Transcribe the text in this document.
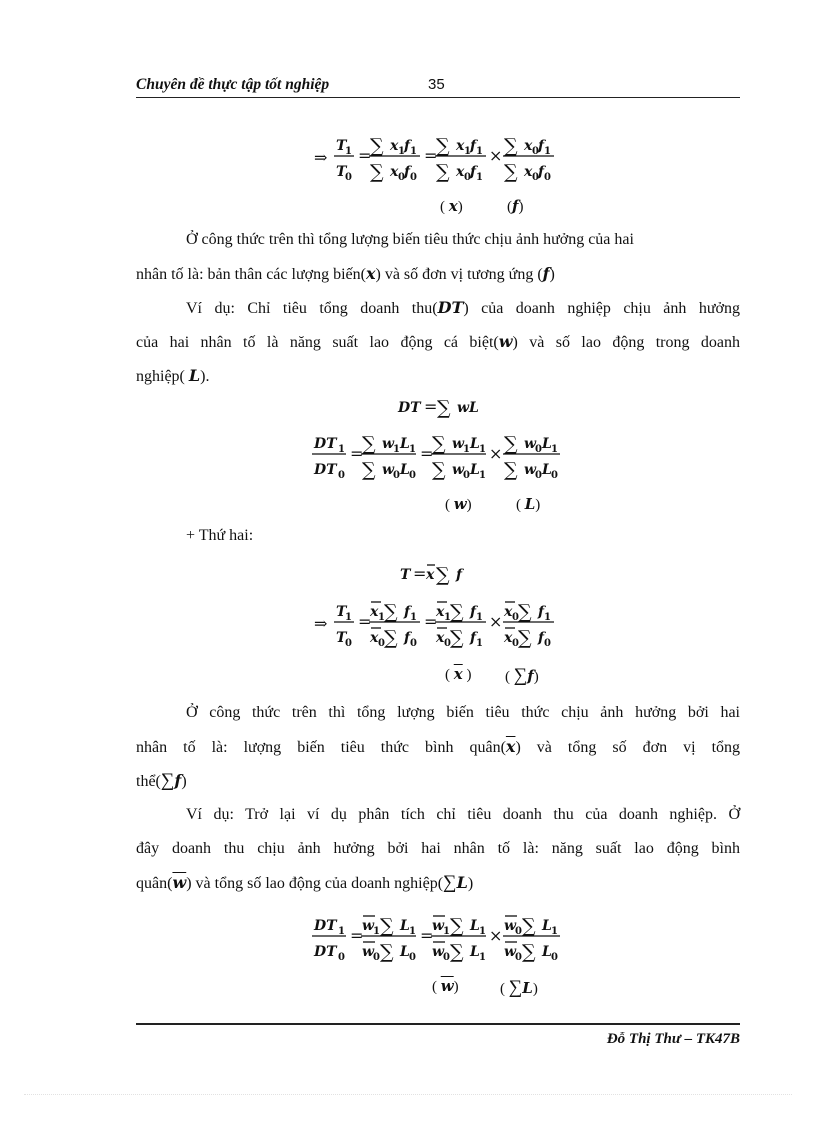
Chuyên đề thực tập tốt nghiệp	35
⇒
T
1
T
0
=
∑ x 1 f 1
∑ x 0 f 0
=
∑ x 1 f 1
∑ x 0 f 1
× ∑ x 0 f 1
∑ x 0 f 0
( x)	(f)
Ở công thức trên thì tổng lượng biến tiêu thức chịu ảnh hưởng của hai
nhân tố là: bản thân các lượng biến(x) và số đơn vị tương ứng (f)
Ví dụ: Chỉ tiêu tổng doanh thu(DT) của doanh nghiệp chịu ảnh hưởng
của hai nhân tố là năng suất lao động cá biệt(w) và số lao động trong doanh
nghiệp( L).
DT = ∑ w L
DT 1
DT 0
=
∑ w
1 L 1
∑ w
0 L 0
=
∑ w
1 L 1
∑ w
0 L 1
× ∑ w
0 L 1
∑ w
0 L 0
( w)	( L)
+ Thứ hai:
T = x ∑ f
⇒
T
1
T
0
=
x 1 ∑ f 1
x 0 ∑ f 0
=
x 1 ∑ f 1
x 0 ∑ f 1
× x 0 ∑ f 1
x 0 ∑ f 0
( $\overline{x}$ ) ( ∑f)
Ở công thức trên thì tổng lượng biến tiêu thức chịu ảnh hưởng bởi hai
nhân tố là: lượng biến tiêu thức bình $quân(\overline{x})$ và tổng số đơn vị tổng
thể(∑f)
Ví dụ: Trở lại ví dụ phân tích chỉ tiêu doanh thu của doanh nghiệp. Ở
đây doanh thu chịu ảnh hưởng bởi hai nhân tố là: năng suất lao động bình
$quân(\overline{w})$ và tổng số lao động của doanh nghiệp(∑L)
DT 1
DT 0
=
w
1 ∑ L 1
w
0 ∑ L 0
=
w
1 ∑ L 1
w
0 ∑ L 1
× w
0 ∑ L 1
w
0 ∑ L 0
( $\overline{w}$)	( ∑L)
Đỗ Thị Thư – TK47B
